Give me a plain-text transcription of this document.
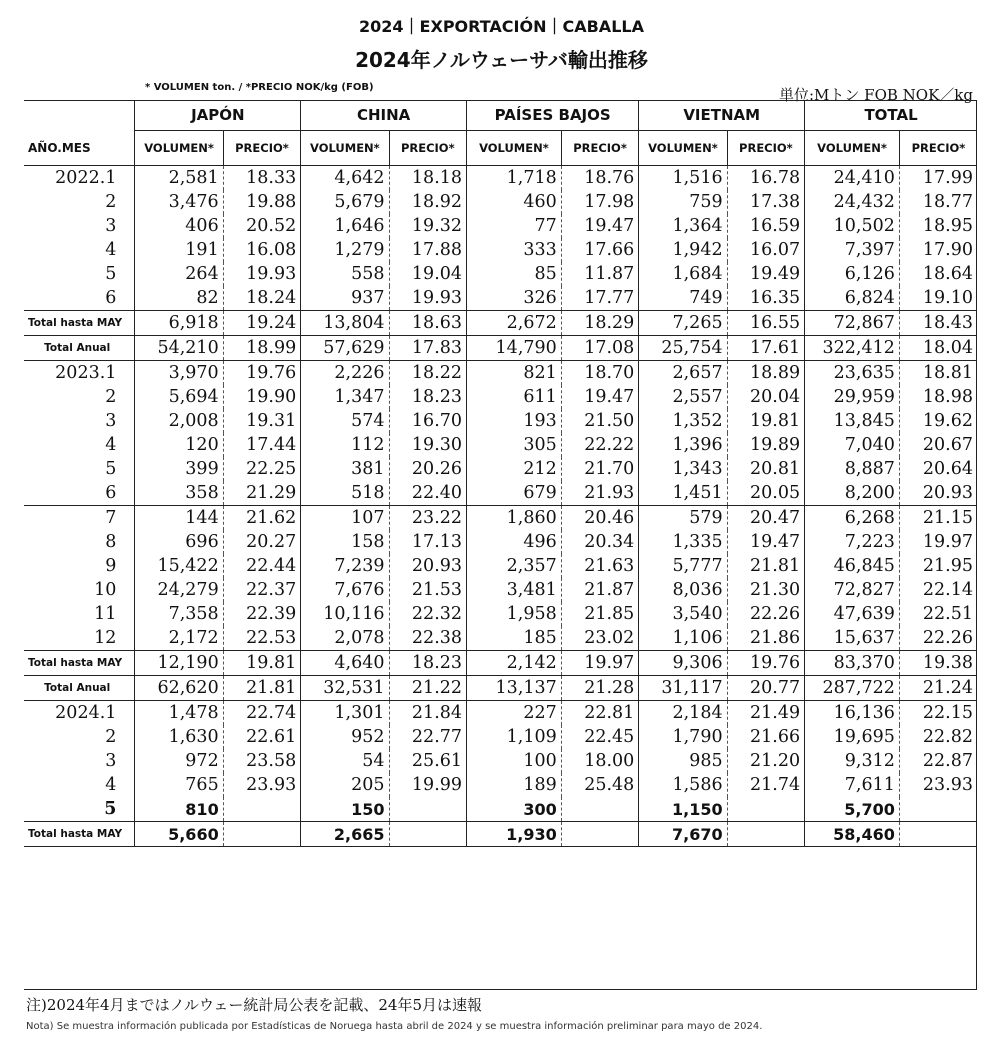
2024｜EXPORTACIÓN｜CABALLA
2024年ノルウェーサバ輸出推移
* VOLUMEN ton. / *PRECIO NOK/kg (FOB)	単位:Mトン FOB NOK／kg
	JAPÓN		CHINA		PAÍSES BAJOS		VIETNAM		TOTAL	
AÑO.MES	VOLUMEN*	PRECIO*	VOLUMEN*	PRECIO*	VOLUMEN*	PRECIO*	VOLUMEN*	PRECIO*	VOLUMEN*	PRECIO*
2022.1	2,581	18.33	4,642	18.18	1,718	18.76	1,516	16.78	24,410	17.99
2	3,476	19.88	5,679	18.92	460	17.98	759	17.38	24,432	18.77
3	406	20.52	1,646	19.32	77	19.47	1,364	16.59	10,502	18.95
4	191	16.08	1,279	17.88	333	17.66	1,942	16.07	7,397	17.90
5	264	19.93	558	19.04	85	11.87	1,684	19.49	6,126	18.64
6	82	18.24	937	19.93	326	17.77	749	16.35	6,824	19.10
Total hasta MAY	6,918	19.24	13,804	18.63	2,672	18.29	7,265	16.55	72,867	18.43
Total Anual	54,210	18.99	57,629	17.83	14,790	17.08	25,754	17.61	322,412	18.04
2023.1	3,970	19.76	2,226	18.22	821	18.70	2,657	18.89	23,635	18.81
2	5,694	19.90	1,347	18.23	611	19.47	2,557	20.04	29,959	18.98
3	2,008	19.31	574	16.70	193	21.50	1,352	19.81	13,845	19.62
4	120	17.44	112	19.30	305	22.22	1,396	19.89	7,040	20.67
5	399	22.25	381	20.26	212	21.70	1,343	20.81	8,887	20.64
6	358	21.29	518	22.40	679	21.93	1,451	20.05	8,200	20.93
7	144	21.62	107	23.22	1,860	20.46	579	20.47	6,268	21.15
8	696	20.27	158	17.13	496	20.34	1,335	19.47	7,223	19.97
9	15,422	22.44	7,239	20.93	2,357	21.63	5,777	21.81	46,845	21.95
10	24,279	22.37	7,676	21.53	3,481	21.87	8,036	21.30	72,827	22.14
11	7,358	22.39	10,116	22.32	1,958	21.85	3,540	22.26	47,639	22.51
12	2,172	22.53	2,078	22.38	185	23.02	1,106	21.86	15,637	22.26
Total hasta MAY	12,190	19.81	4,640	18.23	2,142	19.97	9,306	19.76	83,370	19.38
Total Anual	62,620	21.81	32,531	21.22	13,137	21.28	31,117	20.77	287,722	21.24
2024.1	1,478	22.74	1,301	21.84	227	22.81	2,184	21.49	16,136	22.15
2	1,630	22.61	952	22.77	1,109	22.45	1,790	21.66	19,695	22.82
3	972	23.58	54	25.61	100	18.00	985	21.20	9,312	22.87
4	765	23.93	205	19.99	189	25.48	1,586	21.74	7,611	23.93
5	810		150		300		1,150		5,700	
Total hasta MAY	5,660		2,665		1,930		7,670		58,460	
注)2024年4月まではノルウェー統計局公表を記載、24年5月は速報
Nota) Se muestra información publicada por Estadísticas de Noruega hasta abril de 2024 y se muestra información preliminar para mayo de 2024.
